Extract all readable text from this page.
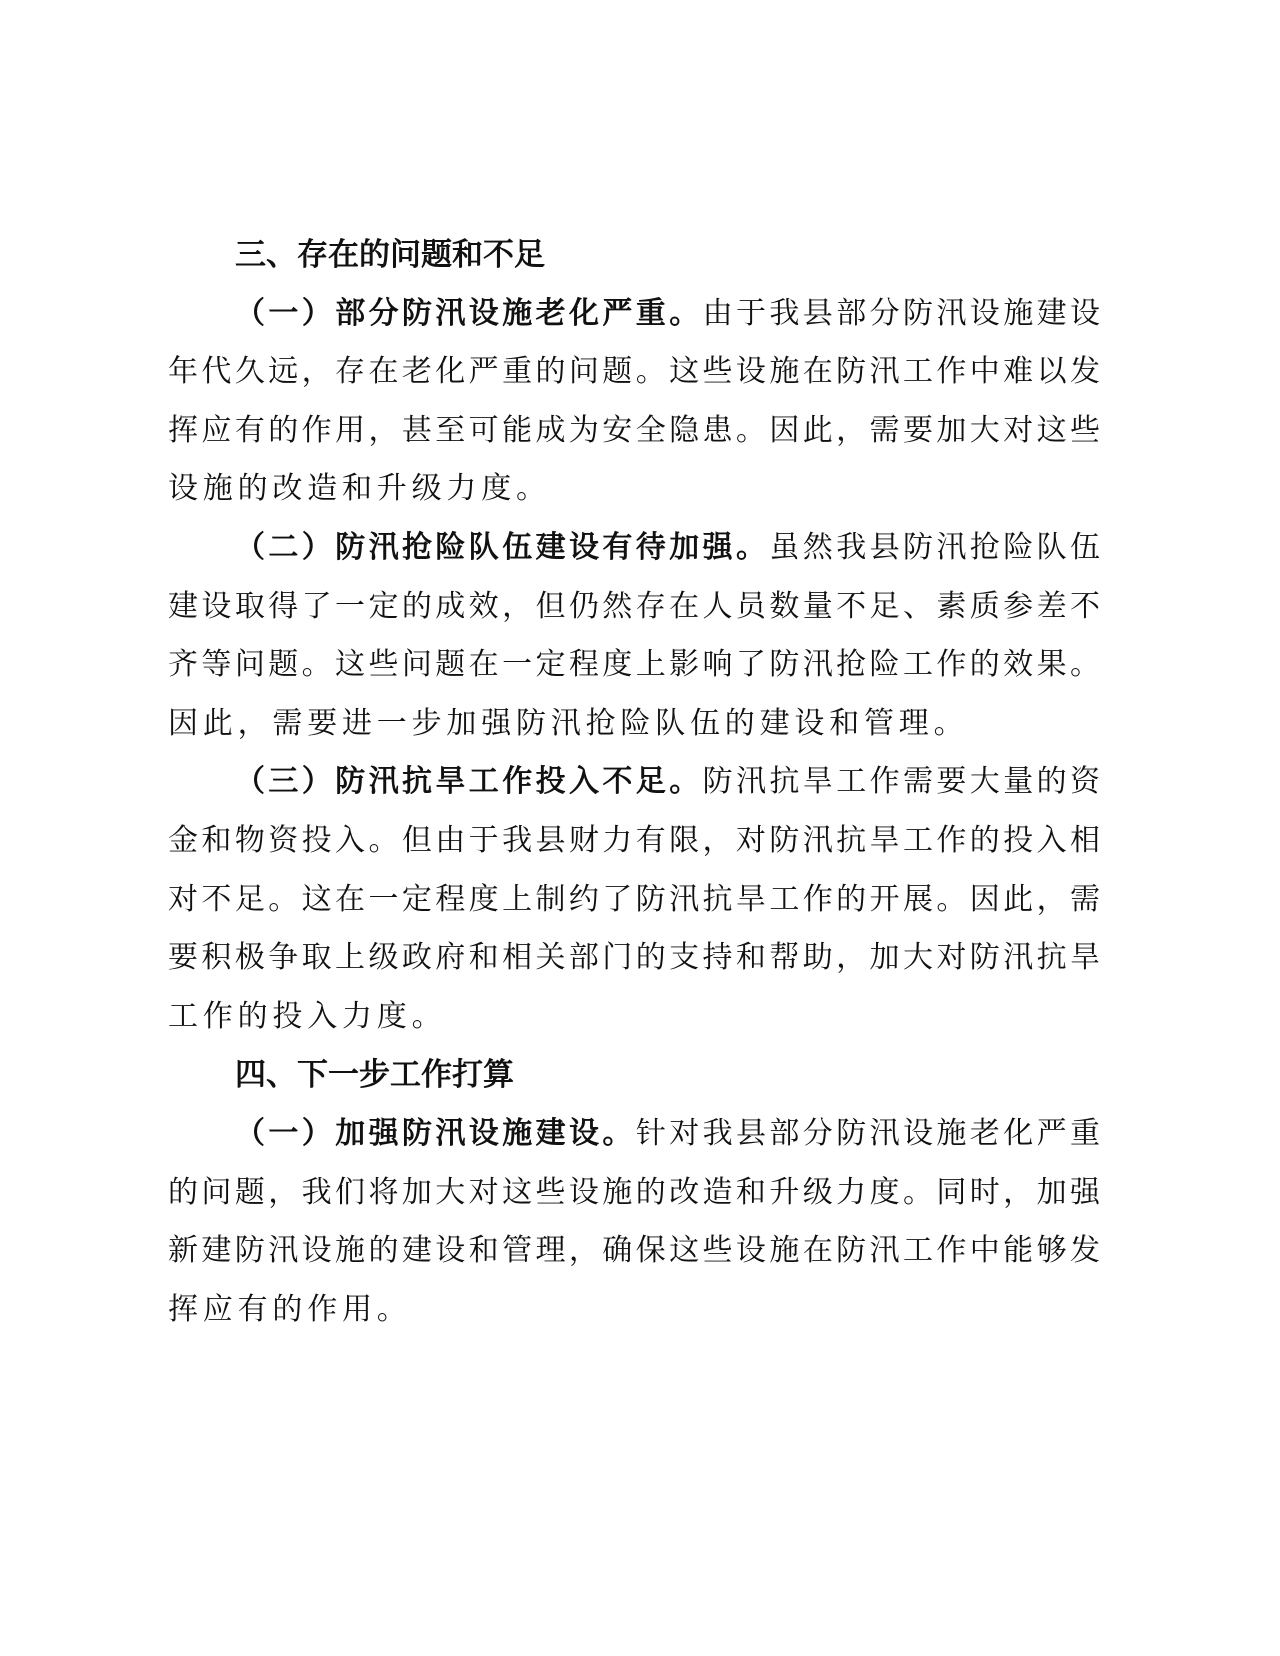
三、存在的问题和不足
（一）部分防汛设施老化严重。由于我县部分防汛设施建设
年代久远，存在老化严重的问题。这些设施在防汛工作中难以发
挥应有的作用，甚至可能成为安全隐患。因此，需要加大对这些
设施的改造和升级力度。
（二）防汛抢险队伍建设有待加强。虽然我县防汛抢险队伍
建设取得了一定的成效，但仍然存在人员数量不足、素质参差不
齐等问题。这些问题在一定程度上影响了防汛抢险工作的效果。
因此，需要进一步加强防汛抢险队伍的建设和管理。
（三）防汛抗旱工作投入不足。防汛抗旱工作需要大量的资
金和物资投入。但由于我县财力有限，对防汛抗旱工作的投入相
对不足。这在一定程度上制约了防汛抗旱工作的开展。因此，需
要积极争取上级政府和相关部门的支持和帮助，加大对防汛抗旱
工作的投入力度。
四、下一步工作打算
（一）加强防汛设施建设。针对我县部分防汛设施老化严重
的问题，我们将加大对这些设施的改造和升级力度。同时，加强
新建防汛设施的建设和管理，确保这些设施在防汛工作中能够发
挥应有的作用。
